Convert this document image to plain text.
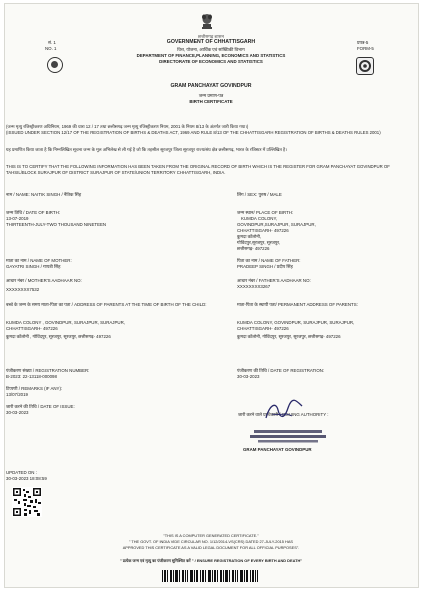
सं. 1
NO. 1
छत्तीसगढ़ शासन
GOVERNMENT OF CHHATTISGARH
वित्त, योजना, आर्थिक एवं सांख्यिकी विभाग
DEPARTMENT OF FINANCE,PLANNING, ECONOMICS AND STATISTICS
DIRECTORATE OF ECONOMICS AND STATISTICS
प्रपत्र-5
FORM-5
GRAM PANCHAYAT GOVINDPUR
जन्म प्रमाण-पत्र
BIRTH CERTIFICATE
(जन्म मृत्यु रजिस्ट्रीकरण अधिनियम, 1969 की धारा 12 / 17 तथा छत्तीसगढ़ जन्म मृत्यु रजिस्ट्रीकरण नियम, 2001 के नियम 8/13 के अंतर्गत जारी किया गया।)
(ISSUED UNDER SECTION 12/17 OF THE REGISTRATION OF BIRTHS & DEATHS ACT, 1969 AND RULE 8/13 OF THE CHHATTISGARH REGISTRATION OF BIRTHS & DEATHS RULES 2001)
यह प्रमाणित किया जाता है कि निम्नलिखित सूचना जन्म के मूल अभिलेख से ली गई है जो कि तहसील सूरजपुर जिला सूरजपुर राज्य/संघ क्षेत्र छत्तीसगढ़, भारत के रजिस्टर में उल्लिखित है।
THIS IS TO CERTIFY THAT THE FOLLOWING INFORMATION HAS BEEN TAKEN FROM THE ORIGINAL RECORD OF BIRTH WHICH IS THE REGISTER FOR GRAM PANCHAYAT GOVINDPUR OF TAHSIL/BLOCK SURAJPUR OF DISTRICT SURAJPUR OF STATE/UNION TERRITORY CHHATTISGARH, INDIA.
नाम / NAME: NAITIK SINGH / नैतिक सिंह	लिंग / SEX: पुरुष / MALE
जन्म तिथि / DATE OF BIRTH:
13-07-2019
THIRTEENTH-JULY-TWO THOUSAND NINETEEN
जन्म स्थान/ PLACE OF BIRTH:
KUMDA COLONY,
GOVINDPUR,SURAJPUR, SURAJPUR,
CHHATTISGARH- 497226
कुमदा कॉलोनी,
गोविंदपुर,सूरजपुर, सूरजपुर,
छत्तीसगढ़- 497226
माता का नाम / NAME OF MOTHER:
GAYATRI SINGH / गायत्री सिंह
पिता का नाम / NAME OF FATHER:
PRADEEP SINGH / प्रदीप सिंह
आधार नंबर / MOTHER'S AADHAAR NO:
XXXXXXXX7532
आधार नंबर / FATHER'S AADHAAR NO:
XXXXXXXX3267
बच्चे के जन्म के समय माता-पिता का पता / ADDRESS OF PARENTS AT THE TIME OF BIRTH OF THE CHILD:
KUMDA COLONY , GOVINDPUR, SURAJPUR, SURAJPUR, CHHATTISGARH- 497226
कुमदा कॉलोनी , गोविंदपुर, सूरजपुर, सूरजपुर, छत्तीसगढ़- 497226
माता-पिता के स्थायी पता/ PERMANENT ADDRESS OF PARENTS:
KUMDA COLONY, GOVINDPUR, SURAJPUR, SURAJPUR, CHHATTISGARH- 497226
कुमदा कॉलोनी, गोविंदपुर, सूरजपुर, सूरजपुर, छत्तीसगढ़- 497226
पंजीकरण संख्या / REGISTRATION NUMBER:
B-2023: 22-13118-000098
पंजीकरण की तिथि / DATE OF REGISTRATION:
30-03-2023
टिप्पणी / REMARKS (IF ANY):
13/07/2019
जारी करने की तिथि / DATE OF ISSUE:
30-03-2023	जारी करने वाले प्राधिकारी / ISSUING AUTHORITY :
GRAM PANCHAYAT GOVINDPUR
UPDATED ON :
30-03-2023 18:08:59
"THIS IS A COMPUTER GENERATED CERTIFICATE."
" THE GOVT. OF INDIA VIDE CIRCULAR NO. 1/12/2014-VS(CRS) DATED 27-JULY-2015 HAS
APPROVED THIS CERTIFICATE AS A VALID LEGAL DOCUMENT FOR ALL OFFICIAL PURPOSES".
" प्रत्येक जन्म एवं मृत्यु का पंजीकरण सुनिश्चित करें " / ENSURE REGISTRATION OF EVERY BIRTH AND DEATH"
